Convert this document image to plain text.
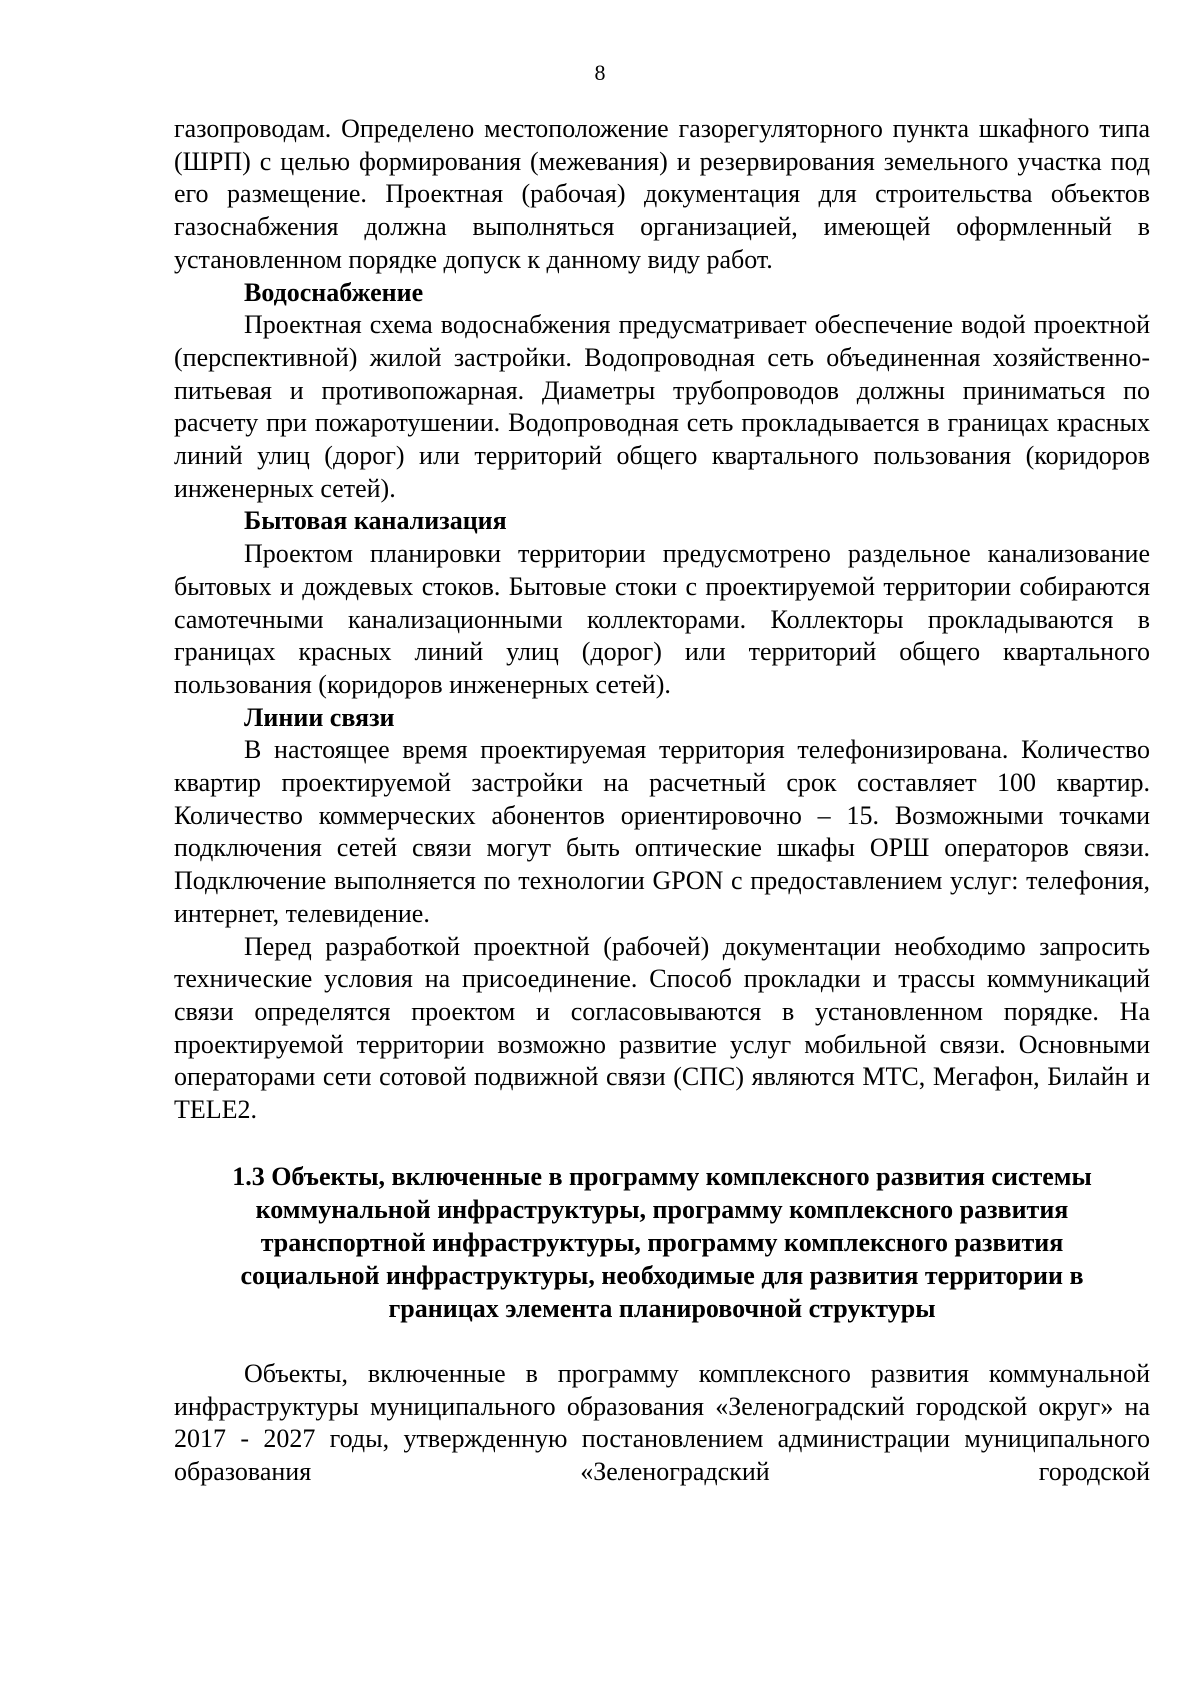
8

газопроводам. Определено местоположение газорегуляторного пункта шкафного типа (ШРП) с целью формирования (межевания) и резервирования земельного участка под его размещение. Проектная (рабочая) документация для строительства объектов газоснабжения должна выполняться организацией, имеющей оформленный в установленном порядке допуск к данному виду работ.

Водоснабжение

Проектная схема водоснабжения предусматривает обеспечение водой проектной (перспективной) жилой застройки. Водопроводная сеть объединенная хозяйственно-питьевая и противопожарная. Диаметры трубопроводов должны приниматься по расчету при пожаротушении. Водопроводная сеть прокладывается в границах красных линий улиц (дорог) или территорий общего квартального пользования (коридоров инженерных сетей).

Бытовая канализация

Проектом планировки территории предусмотрено раздельное канализование бытовых и дождевых стоков. Бытовые стоки с проектируемой территории собираются самотечными канализационными коллекторами. Коллекторы прокладываются в границах красных линий улиц (дорог) или территорий общего квартального пользования (коридоров инженерных сетей).

Линии связи

В настоящее время проектируемая территория телефонизирована. Количество квартир проектируемой застройки на расчетный срок составляет 100 квартир. Количество коммерческих абонентов ориентировочно – 15. Возможными точками подключения сетей связи могут быть оптические шкафы ОРШ операторов связи. Подключение выполняется по технологии GPON с предоставлением услуг: телефония, интернет, телевидение.

Перед разработкой проектной (рабочей) документации необходимо запросить технические условия на присоединение. Способ прокладки и трассы коммуникаций связи определятся проектом и согласовываются в установленном порядке. На проектируемой территории возможно развитие услуг мобильной связи. Основными операторами сети сотовой подвижной связи (СПС) являются МТС, Мегафон, Билайн и TELE2.

1.3 Объекты, включенные в программу комплексного развития системы коммунальной инфраструктуры, программу комплексного развития транспортной инфраструктуры, программу комплексного развития социальной инфраструктуры, необходимые для развития территории в границах элемента планировочной структуры

Объекты, включенные в программу комплексного развития коммунальной инфраструктуры муниципального образования «Зеленоградский городской округ» на 2017 - 2027 годы, утвержденную постановлением администрации муниципального образования «Зеленоградский городской
